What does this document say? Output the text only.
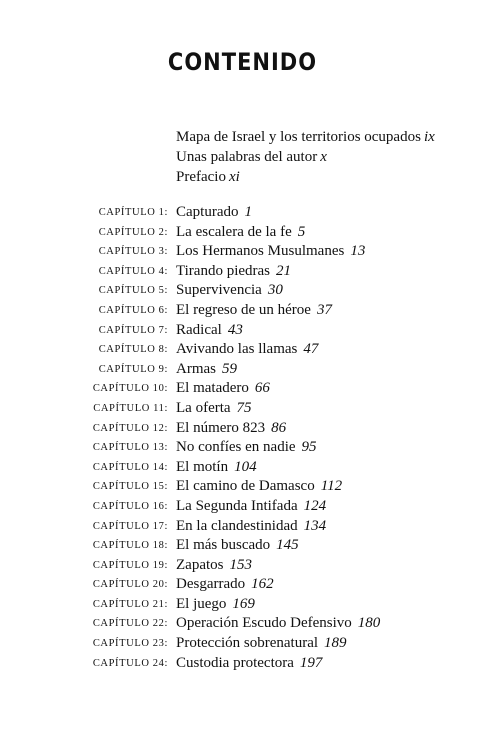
CONTENIDO
Mapa de Israel y los territorios ocupados ix
Unas palabras del autor x
Prefacio xi
CAPÍTULO 1: Capturado 1
CAPÍTULO 2: La escalera de la fe 5
CAPÍTULO 3: Los Hermanos Musulmanes 13
CAPÍTULO 4: Tirando piedras 21
CAPÍTULO 5: Supervivencia 30
CAPÍTULO 6: El regreso de un héroe 37
CAPÍTULO 7: Radical 43
CAPÍTULO 8: Avivando las llamas 47
CAPÍTULO 9: Armas 59
CAPÍTULO 10: El matadero 66
CAPÍTULO 11: La oferta 75
CAPÍTULO 12: El número 823 86
CAPÍTULO 13: No confíes en nadie 95
CAPÍTULO 14: El motín 104
CAPÍTULO 15: El camino de Damasco 112
CAPÍTULO 16: La Segunda Intifada 124
CAPÍTULO 17: En la clandestinidad 134
CAPÍTULO 18: El más buscado 145
CAPÍTULO 19: Zapatos 153
CAPÍTULO 20: Desgarrado 162
CAPÍTULO 21: El juego 169
CAPÍTULO 22: Operación Escudo Defensivo 180
CAPÍTULO 23: Protección sobrenatural 189
CAPÍTULO 24: Custodia protectora 197
